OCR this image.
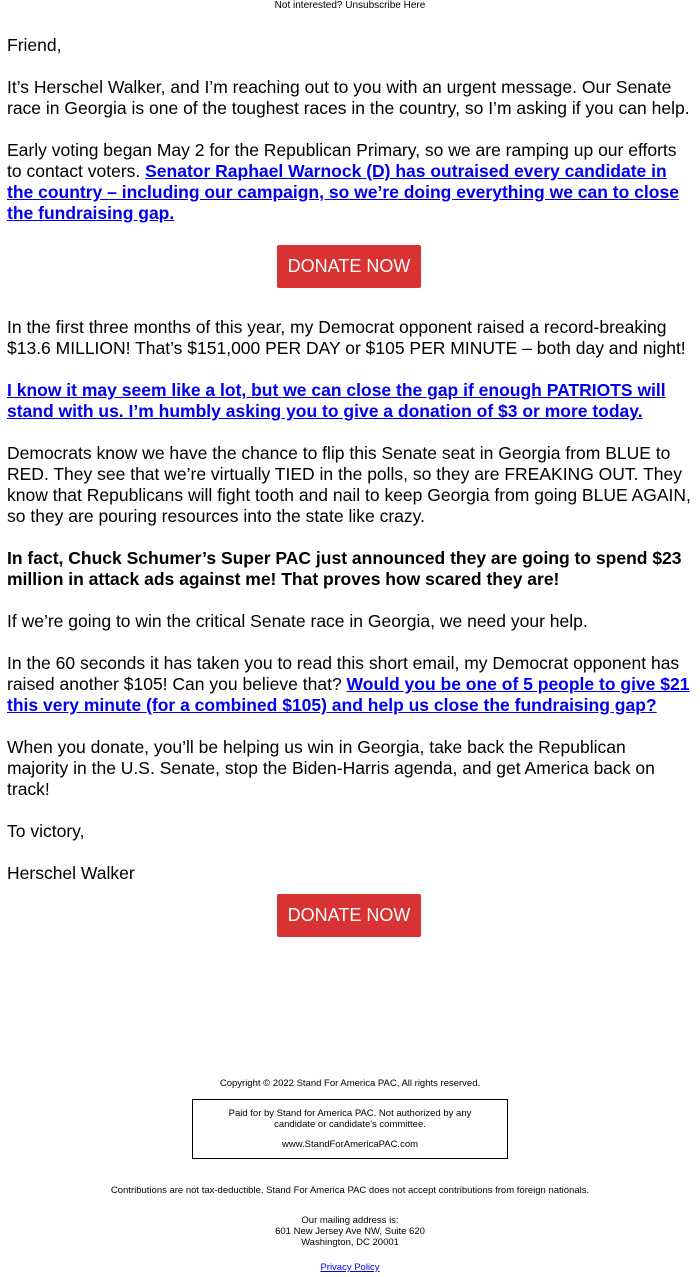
Not interested? Unsubscribe Here

Friend,

It’s Herschel Walker, and I’m reaching out to you with an urgent message. Our Senate race in Georgia is one of the toughest races in the country, so I’m asking if you can help.

Early voting began May 2 for the Republican Primary, so we are ramping up our efforts to contact voters. Senator Raphael Warnock (D) has outraised every candidate in the country – including our campaign, so we’re doing everything we can to close the fundraising gap.

DONATE NOW

In the first three months of this year, my Democrat opponent raised a record-breaking $13.6 MILLION! That’s $151,000 PER DAY or $105 PER MINUTE – both day and night!

I know it may seem like a lot, but we can close the gap if enough PATRIOTS will stand with us. I’m humbly asking you to give a donation of $3 or more today.

Democrats know we have the chance to flip this Senate seat in Georgia from BLUE to RED. They see that we’re virtually TIED in the polls, so they are FREAKING OUT. They know that Republicans will fight tooth and nail to keep Georgia from going BLUE AGAIN, so they are pouring resources into the state like crazy.

In fact, Chuck Schumer’s Super PAC just announced they are going to spend $23 million in attack ads against me! That proves how scared they are!

If we’re going to win the critical Senate race in Georgia, we need your help.

In the 60 seconds it has taken you to read this short email, my Democrat opponent has raised another $105! Can you believe that? Would you be one of 5 people to give $21 this very minute (for a combined $105) and help us close the fundraising gap?

When you donate, you’ll be helping us win in Georgia, take back the Republican majority in the U.S. Senate, stop the Biden-Harris agenda, and get America back on track!

To victory,

Herschel Walker

DONATE NOW
Copyright © 2022 Stand For America PAC, All rights reserved.
Paid for by Stand for America PAC. Not authorized by any candidate or candidate's committee.
www.StandForAmericaPAC.com
Contributions are not tax-deductible. Stand For America PAC does not accept contributions from foreign nationals.
Our mailing address is:
601 New Jersey Ave NW, Suite 620
Washington, DC 20001
Privacy Policy
